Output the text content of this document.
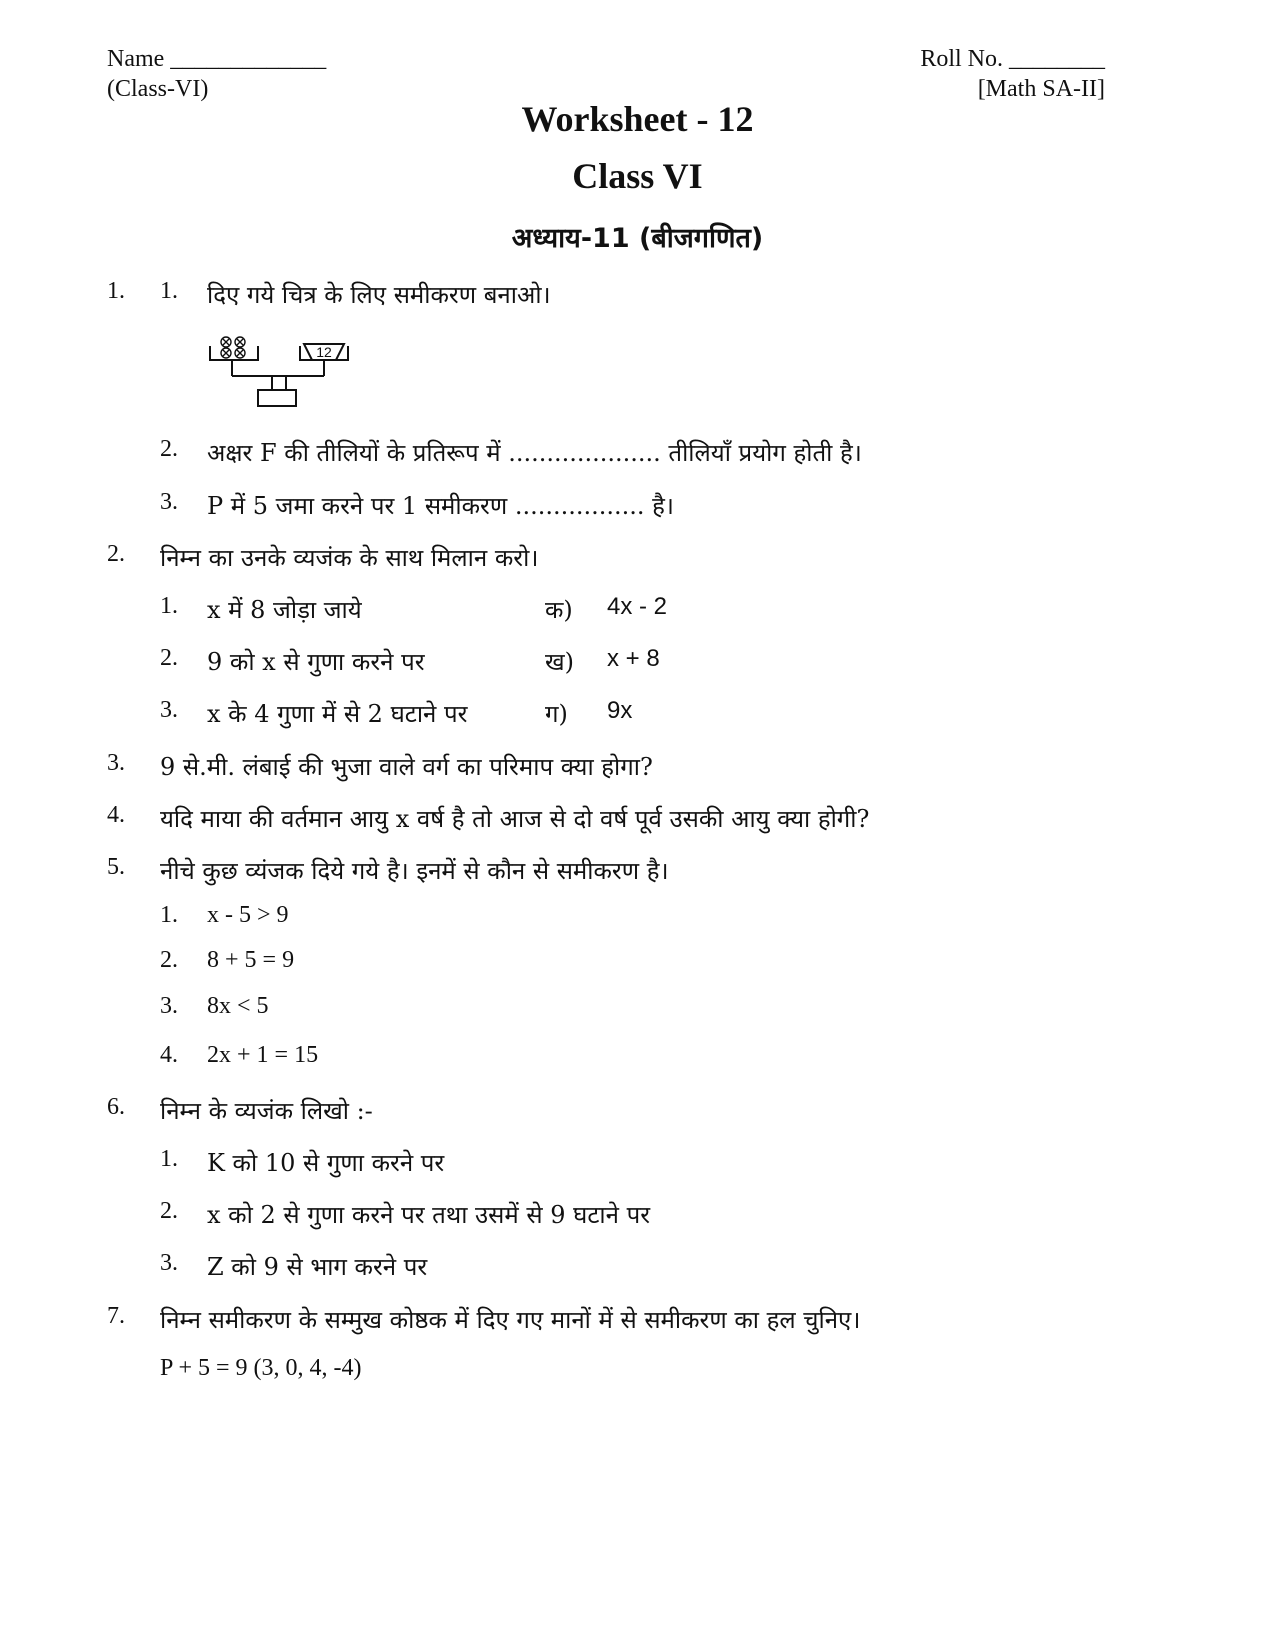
Name _____________	Roll No. ________
(Class-VI)	[Math SA-II]
Worksheet - 12
Class VI
अध्याय-11 (बीजगणित)
1. 1. दिए गये चित्र के लिए समीकरण बनाओ।
12
2. अक्षर F की तीलियों के प्रतिरूप में .................... तीलियाँ प्रयोग होती है।
3. P में 5 जमा करने पर 1 समीकरण ................. है।
2. निम्न का उनके व्यजंक के साथ मिलान करो।
1. x में 8 जोड़ा जाये	क) 4x - 2
2. 9 को x से गुणा करने पर	ख) x + 8
3. x के 4 गुणा में से 2 घटाने पर	ग) 9x
3. 9 से.मी. लंबाई की भुजा वाले वर्ग का परिमाप क्या होगा?
4. यदि माया की वर्तमान आयु x वर्ष है तो आज से दो वर्ष पूर्व उसकी आयु क्या होगी?
5. नीचे कुछ व्यंजक दिये गये है। इनमें से कौन से समीकरण है।
1. x - 5 > 9
2. 8 + 5 = 9
3. 8x < 5
4. 2x + 1 = 15
6. निम्न के व्यजंक लिखो :-
1. K को 10 से गुणा करने पर
2. x को 2 से गुणा करने पर तथा उसमें से 9 घटाने पर
3. Z को 9 से भाग करने पर
7. निम्न समीकरण के सम्मुख कोष्ठक में दिए गए मानों में से समीकरण का हल चुनिए।
P + 5 = 9 (3, 0, 4, -4)
